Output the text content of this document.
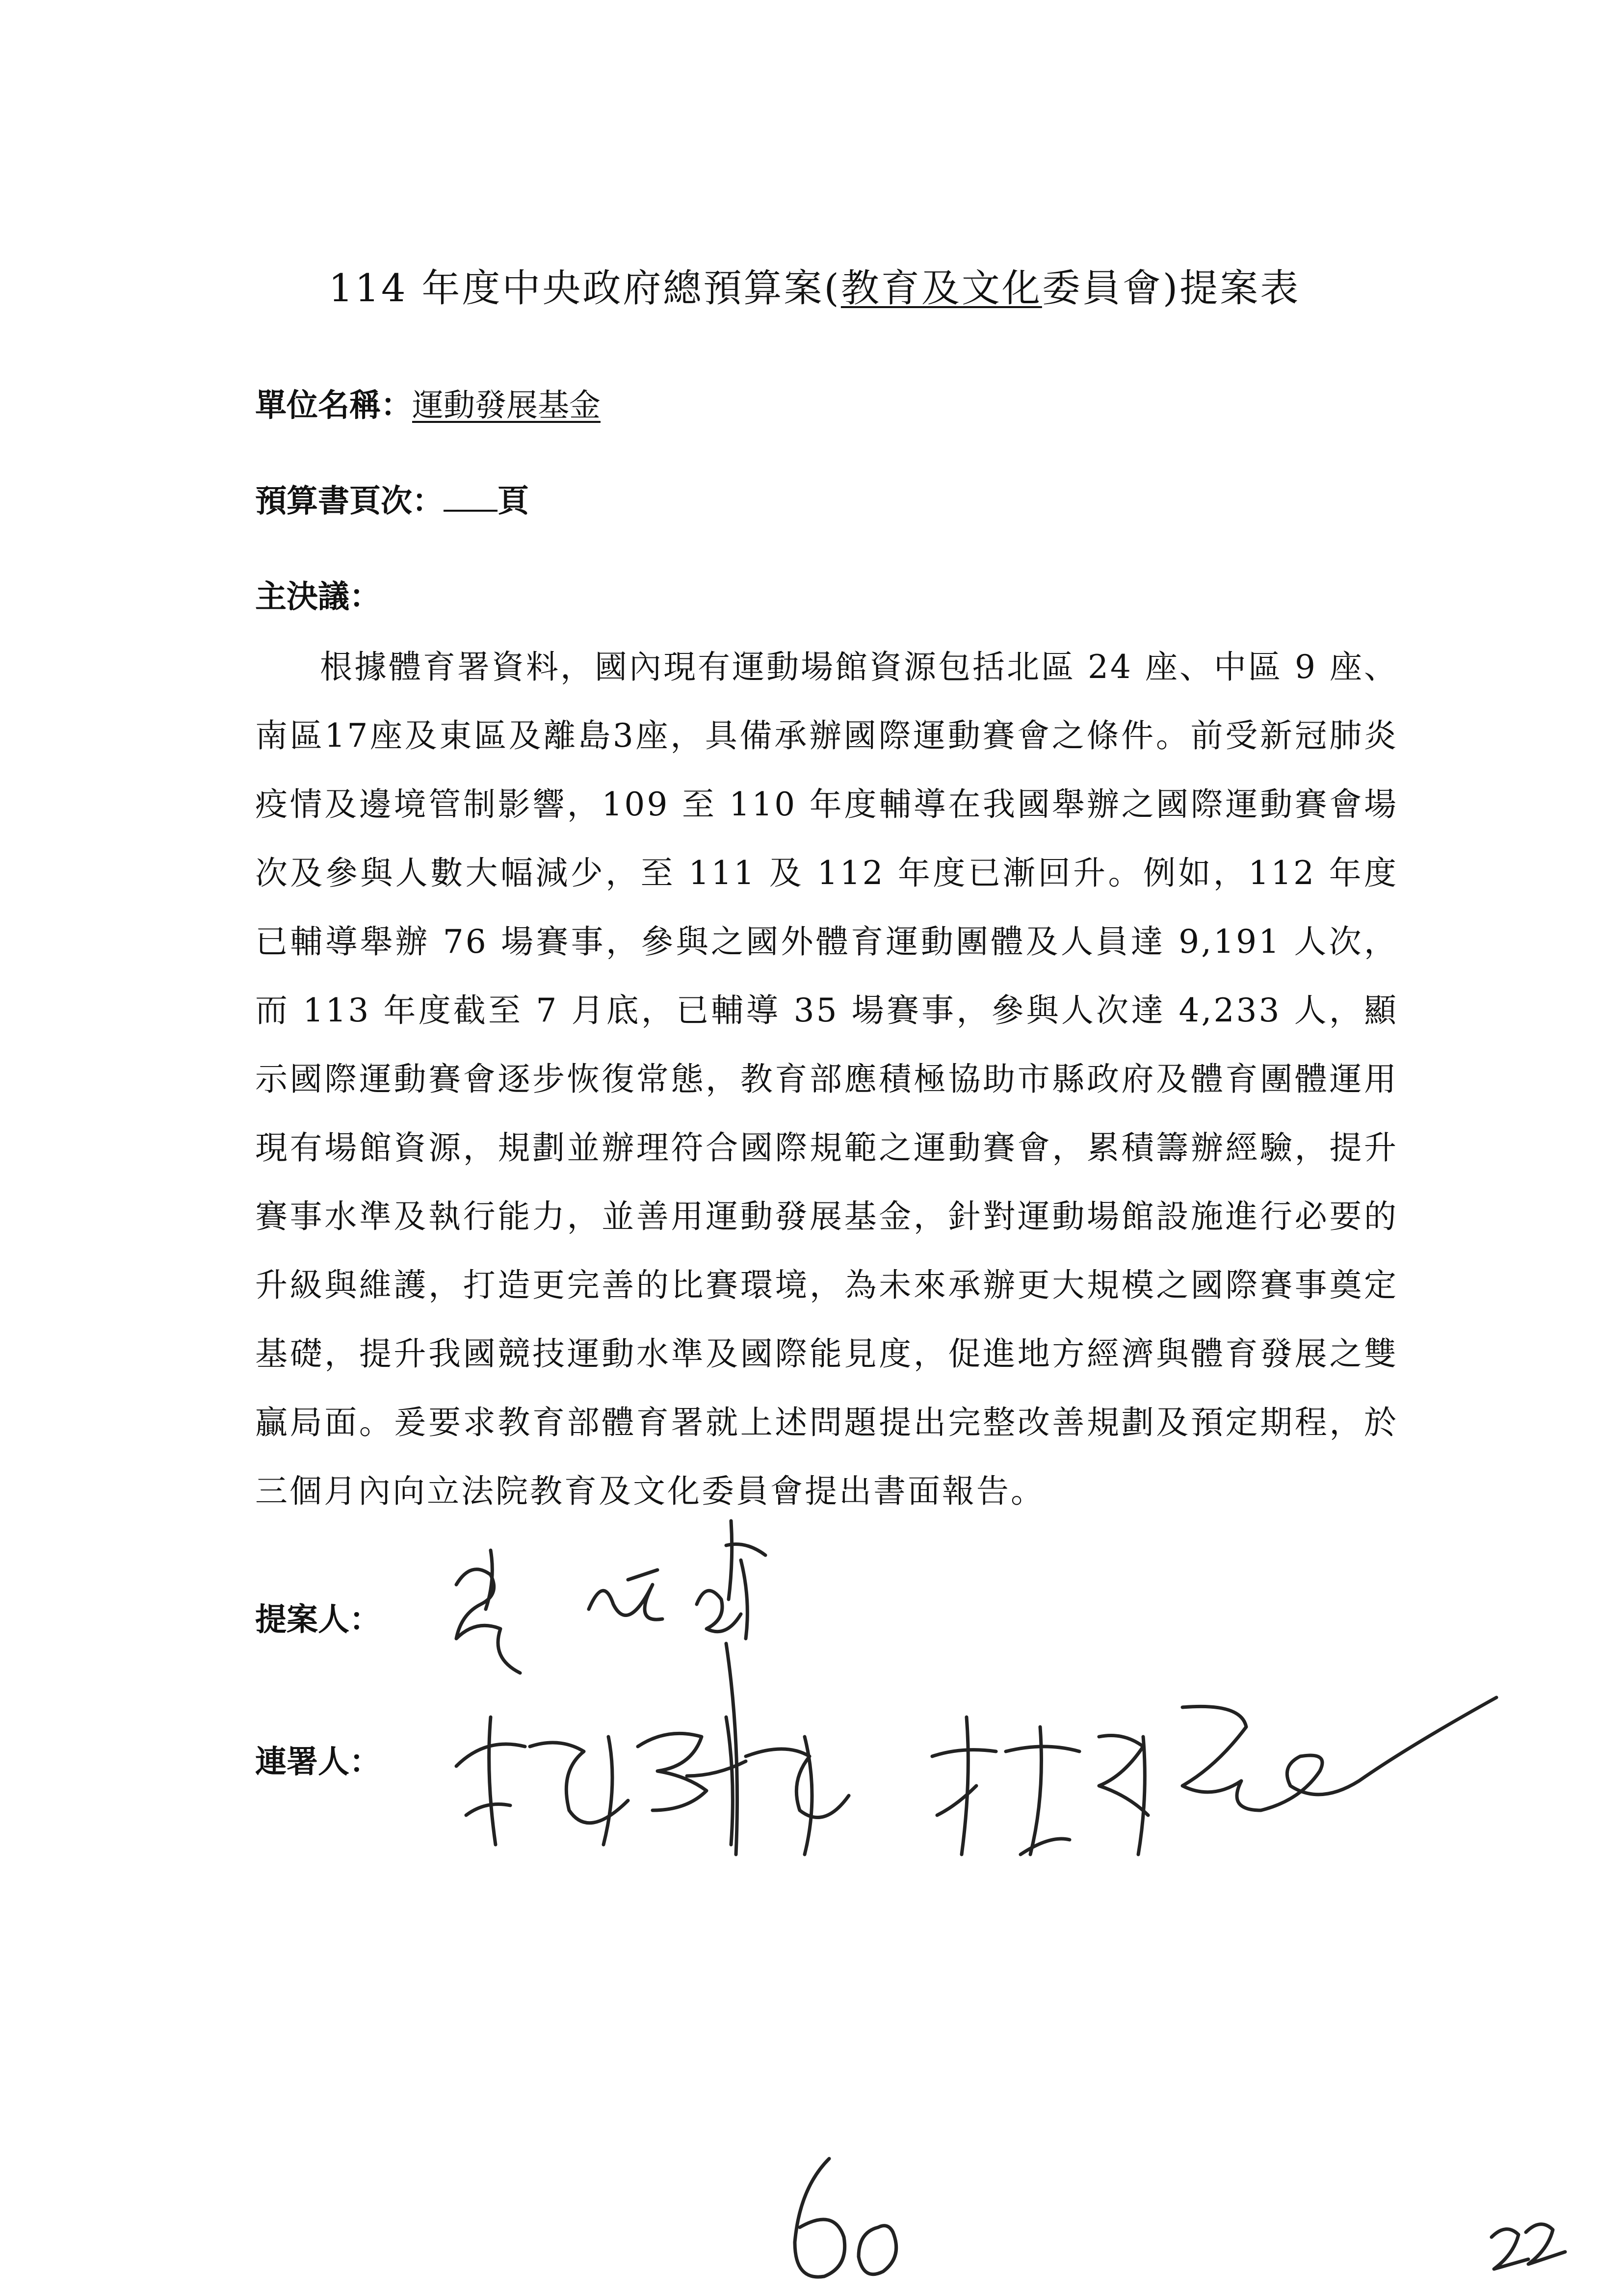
114 年度中央政府總預算案(教育及文化委員會)提案表
單位名稱：運動發展基金
預算書頁次： 頁
主決議：
根據體育署資料，國內現有運動場館資源包括北區 24 座、中區 9 座、南區17座及東區及離島3座，具備承辦國際運動賽會之條件。前受新冠肺炎疫情及邊境管制影響，109 至 110 年度輔導在我國舉辦之國際運動賽會場次及參與人數大幅減少，至 111 及 112 年度已漸回升。例如，112 年度已輔導舉辦 76 場賽事，參與之國外體育運動團體及人員達 9,191 人次，而 113 年度截至 7 月底，已輔導 35 場賽事，參與人次達 4,233 人，顯示國際運動賽會逐步恢復常態，教育部應積極協助市縣政府及體育團體運用現有場館資源，規劃並辦理符合國際規範之運動賽會，累積籌辦經驗，提升賽事水準及執行能力，並善用運動發展基金，針對運動場館設施進行必要的升級與維護，打造更完善的比賽環境，為未來承辦更大規模之國際賽事奠定基礎，提升我國競技運動水準及國際能見度，促進地方經濟與體育發展之雙贏局面。爰要求教育部體育署就上述問題提出完整改善規劃及預定期程，於三個月內向立法院教育及文化委員會提出書面報告。
提案人：
連署人：
